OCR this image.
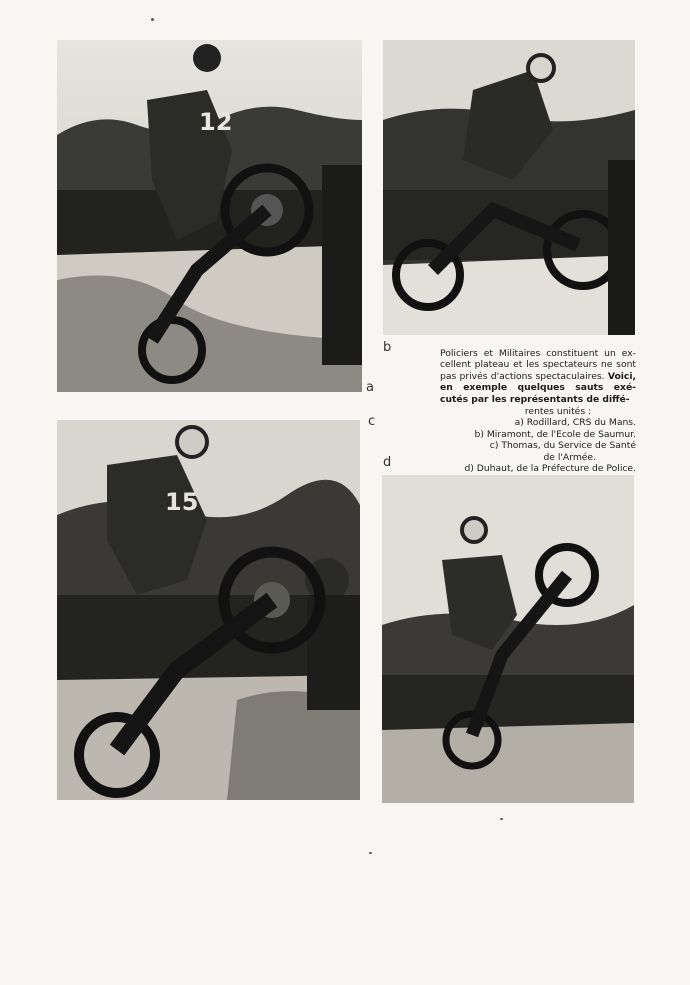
12
a
b	Policiers et Militaires constituent un ex- cellent plateau et les spectateurs ne sont pas privés d'actions spectaculaires. Voici, en exemple quelques sauts exé- cutés par les représentants de diffé-

rentes unités :
a) Rodillard, CRS du Mans.
b) Miramont, de l'Ecole de Saumur.
c) Thomas, du Service de Santé
de l'Armée.
d) Duhaut, de la Préfecture de Police.
c
d
15
